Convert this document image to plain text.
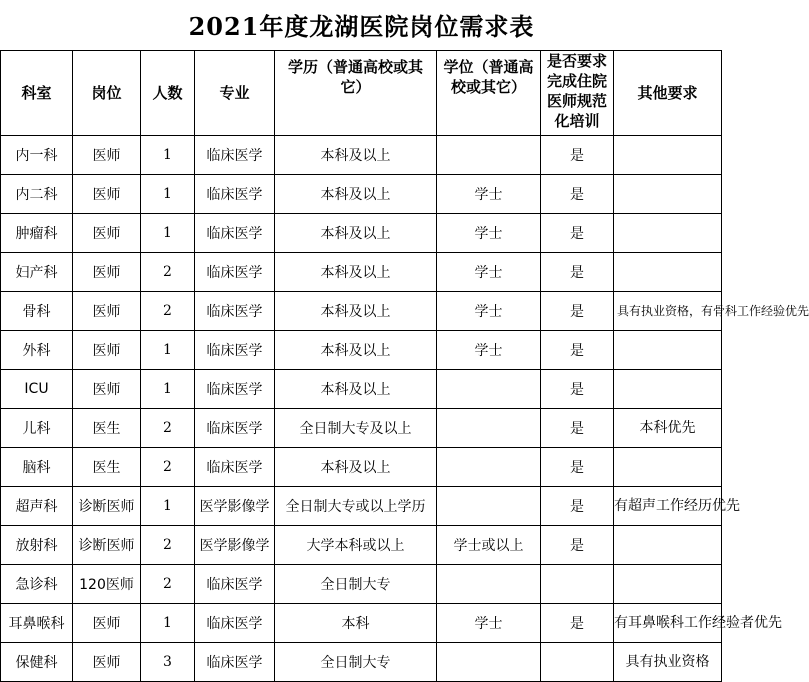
2021年度龙湖医院岗位需求表
科室	岗位	人数	专业	学历（普通高校或其它）	学位（普通高校或其它）	是否要求完成住院医师规范化培训	其他要求

内一科	医师	1	临床医学	本科及以上		是	

内二科	医师	1	临床医学	本科及以上	学士	是	

肿瘤科	医师	1	临床医学	本科及以上	学士	是	

妇产科	医师	2	临床医学	本科及以上	学士	是	

骨科	医师	2	临床医学	本科及以上	学士	是	具有执业资格，有骨科工作经验优先

外科	医师	1	临床医学	本科及以上	学士	是	

ICU	医师	1	临床医学	本科及以上		是	

儿科	医生	2	临床医学	全日制大专及以上		是	本科优先

脑科	医生	2	临床医学	本科及以上		是	

超声科	诊断医师	1	医学影像学	全日制大专或以上学历		是	有超声工作经历优先

放射科	诊断医师	2	医学影像学	大学本科或以上	学士或以上	是	

急诊科	120医师	2	临床医学	全日制大专			

耳鼻喉科	医师	1	临床医学	本科	学士	是	有耳鼻喉科工作经验者优先

保健科	医师	3	临床医学	全日制大专			具有执业资格
